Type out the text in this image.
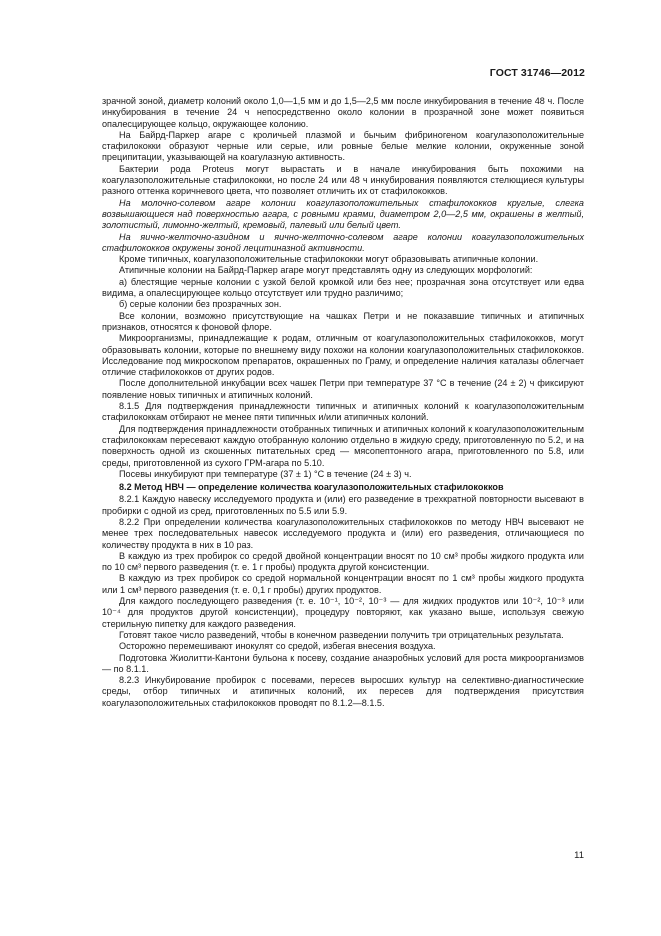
ГОСТ 31746—2012

зрачной зоной, диаметр колоний около 1,0—1,5 мм и до 1,5—2,5 мм после инкубирования в течение 48 ч. После инкубирования в течение 24 ч непосредственно около колонии в прозрачной зоне может появиться опалесцирующее кольцо, окружающее колонию.

На Байрд-Паркер агаре с кроличьей плазмой и бычьим фибриногеном коагулазоположительные стафилококки образуют черные или серые, или ровные белые мелкие колонии, окруженные зоной преципитации, указывающей на коагулазную активность.

Бактерии рода Proteus могут вырастать и в начале инкубирования быть похожими на коагулазоположительные стафилококки, но после 24 или 48 ч инкубирования появляются стелющиеся культуры разного оттенка коричневого цвета, что позволяет отличить их от стафилококков.

На молочно-солевом агаре колонии коагулазоположительных стафилококков круглые, слегка возвышающиеся над поверхностью агара, с ровными краями, диаметром 2,0—2,5 мм, окрашены в желтый, золотистый, лимонно-желтый, кремовый, палевый или белый цвет.

На яично-желточно-азидном и яично-желточно-солевом агаре колонии коагулазоположительных стафилококков окружены зоной лецитиназной активности.

Кроме типичных, коагулазоположительные стафилококки могут образовывать атипичные колонии.

Атипичные колонии на Байрд-Паркер агаре могут представлять одну из следующих морфологий:

а) блестящие черные колонии с узкой белой кромкой или без нее; прозрачная зона отсутствует или едва видима, а опалесцирующее кольцо отсутствует или трудно различимо;

б) серые колонии без прозрачных зон.

Все колонии, возможно присутствующие на чашках Петри и не показавшие типичных и атипичных признаков, относятся к фоновой флоре.

Микроорганизмы, принадлежащие к родам, отличным от коагулазоположительных стафилококков, могут образовывать колонии, которые по внешнему виду похожи на колонии коагулазоположительных стафилококков. Исследование под микроскопом препаратов, окрашенных по Граму, и определение наличия каталазы облегчает отличие стафилококков от других родов.

После дополнительной инкубации всех чашек Петри при температуре 37 °С в течение (24 ± 2) ч фиксируют появление новых типичных и атипичных колоний.

8.1.5 Для подтверждения принадлежности типичных и атипичных колоний к коагулазоположительным стафилококкам отбирают не менее пяти типичных и/или атипичных колоний.

Для подтверждения принадлежности отобранных типичных и атипичных колоний к коагулазоположительным стафилококкам пересевают каждую отобранную колонию отдельно в жидкую среду, приготовленную по 5.2, и на поверхность одной из скошенных питательных сред — мясопептонного агара, приготовленного по 5.8, или среды, приготовленной из сухого ГРМ-агара по 5.10.

Посевы инкубируют при температуре (37 ± 1) °С в течение (24 ± 3) ч.

8.2 Метод НВЧ — определение количества коагулазоположительных стафилококков

8.2.1 Каждую навеску исследуемого продукта и (или) его разведение в трехкратной повторности высевают в пробирки с одной из сред, приготовленных по 5.5 или 5.9.

8.2.2 При определении количества коагулазоположительных стафилококков по методу НВЧ высевают не менее трех последовательных навесок исследуемого продукта и (или) его разведения, отличающиеся по количеству продукта в них в 10 раз.

В каждую из трех пробирок со средой двойной концентрации вносят по 10 см³ пробы жидкого продукта или по 10 см³ первого разведения (т. е. 1 г пробы) продукта другой консистенции.

В каждую из трех пробирок со средой нормальной концентрации вносят по 1 см³ пробы жидкого продукта или 1 см³ первого разведения (т. е. 0,1 г пробы) других продуктов.

Для каждого последующего разведения (т. е. 10⁻¹, 10⁻², 10⁻³ — для жидких продуктов или 10⁻², 10⁻³ или 10⁻⁴ для продуктов другой консистенции), процедуру повторяют, как указано выше, используя свежую стерильную пипетку для каждого разведения.

Готовят такое число разведений, чтобы в конечном разведении получить три отрицательных результата.

Осторожно перемешивают инокулят со средой, избегая внесения воздуха.

Подготовка Жиолитти-Кантони бульона к посеву, создание анаэробных условий для роста микроорганизмов — по 8.1.1.

8.2.3 Инкубирование пробирок с посевами, пересев выросших культур на селективно-диагностические среды, отбор типичных и атипичных колоний, их пересев для подтверждения присутствия коагулазоположительных стафилококков проводят по 8.1.2—8.1.5.

11
